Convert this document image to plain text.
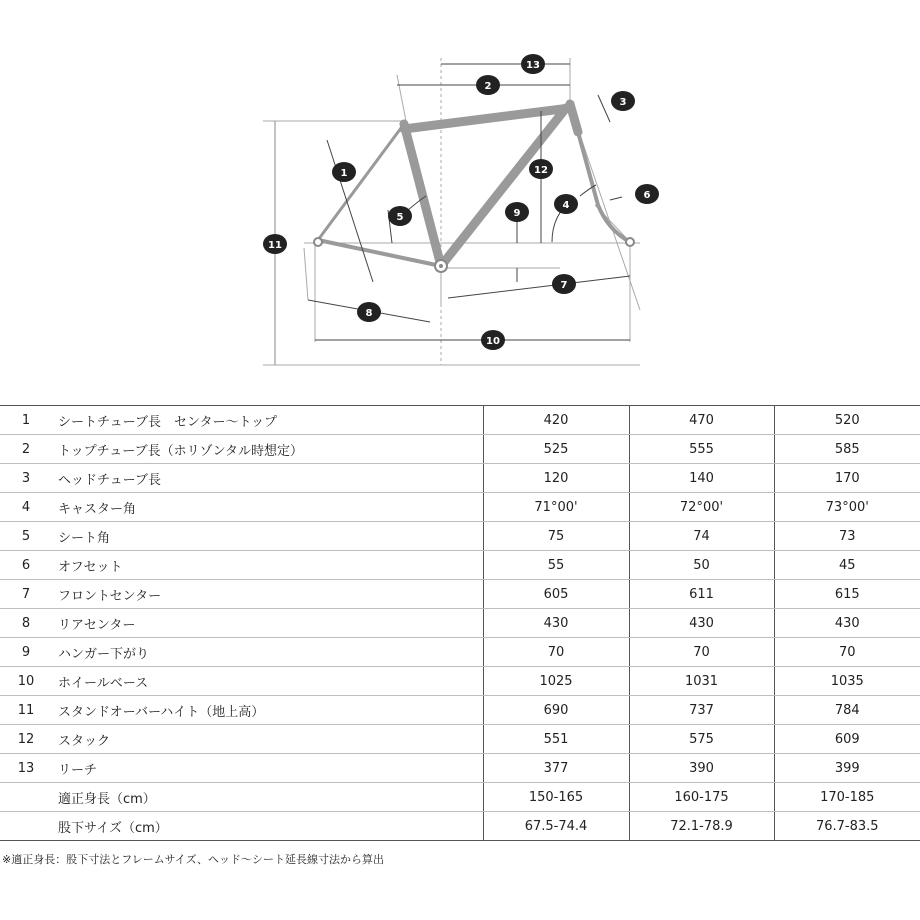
13
2
3
1	12
6
4
5	9
11
7
8
10
1	シートチューブ長　センター〜トップ	420	470	520
2	トップチューブ長（ホリゾンタル時想定）	525	555	585
3	ヘッドチューブ長	120	140	170
4	キャスター角	71°00'	72°00'	73°00'
5	シート角	75	74	73
6	オフセット	55	50	45
7	フロントセンター	605	611	615
8	リアセンター	430	430	430
9	ハンガー下がり	70	70	70
10	ホイールベース	1025	1031	1035
11	スタンドオーバーハイト（地上高）	690	737	784
12	スタック	551	575	609
13	リーチ	377	390	399
	適正身長（cm）	150-165	160-175	170-185
	股下サイズ（cm）	67.5-74.4	72.1-78.9	76.7-83.5
※適正身長：股下寸法とフレームサイズ、ヘッド〜シート延長線寸法から算出
